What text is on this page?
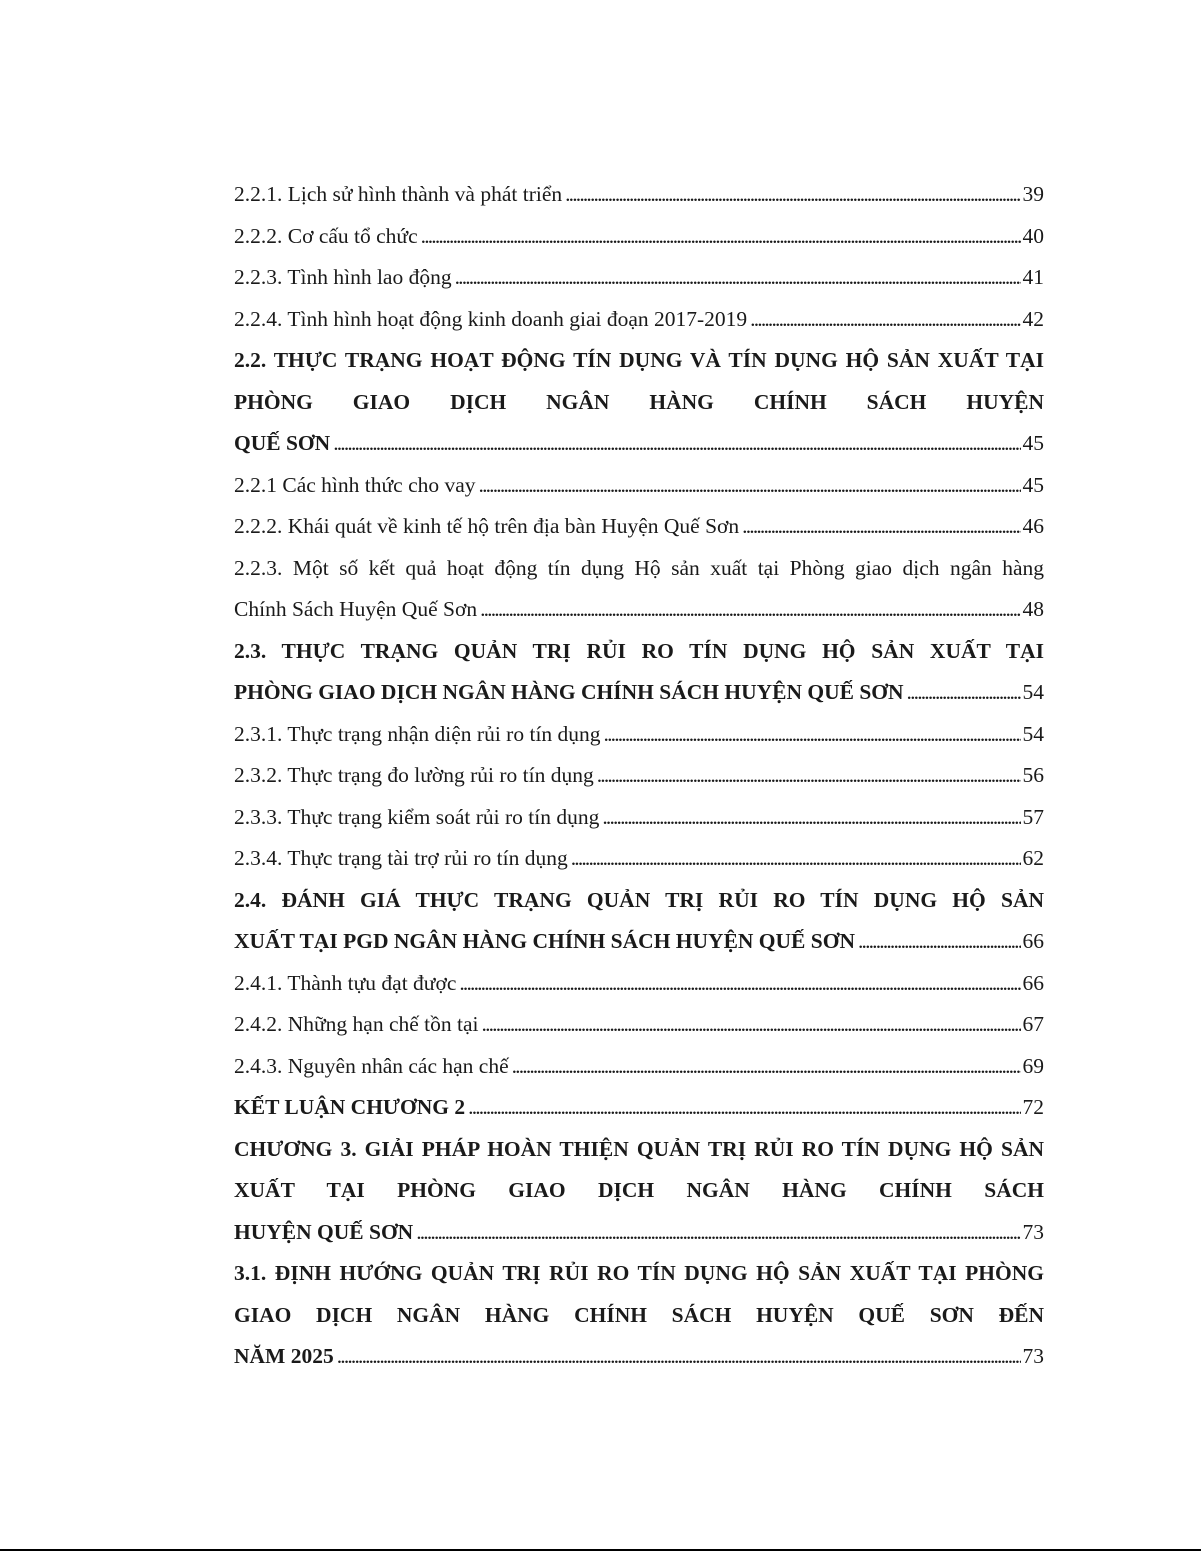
2.2.1. Lịch sử hình thành và phát triển . . .	39
2.2.2. Cơ cấu tổ chức . . .	40
2.2.3. Tình hình lao động . . .	41
2.2.4. Tình hình hoạt động kinh doanh giai đoạn 2017-2019 . . .	42
2.2. THỰC TRẠNG HOẠT ĐỘNG TÍN DỤNG VÀ TÍN DỤNG HỘ SẢN XUẤT TẠI PHÒNG GIAO DỊCH NGÂN HÀNG CHÍNH SÁCH HUYỆN
QUẾ SƠN . . .	45
2.2.1 Các hình thức cho vay . . .	45
2.2.2. Khái quát về kinh tế hộ trên địa bàn Huyện Quế Sơn . . .	46
2.2.3. Một số kết quả hoạt động tín dụng Hộ sản xuất tại Phòng giao dịch ngân hàng
Chính Sách Huyện Quế Sơn . . .	48
2.3. THỰC TRẠNG QUẢN TRỊ RỦI RO TÍN DỤNG HỘ SẢN XUẤT TẠI
PHÒNG GIAO DỊCH NGÂN HÀNG CHÍNH SÁCH HUYỆN QUẾ SƠN . . .	54
2.3.1. Thực trạng nhận diện rủi ro tín dụng . . .	54
2.3.2. Thực trạng đo lường rủi ro tín dụng . . .	56
2.3.3. Thực trạng kiểm soát rủi ro tín dụng . . .	57
2.3.4. Thực trạng tài trợ rủi ro tín dụng . . .	62
2.4. ĐÁNH GIÁ THỰC TRẠNG QUẢN TRỊ RỦI RO TÍN DỤNG HỘ SẢN
XUẤT TẠI PGD NGÂN HÀNG CHÍNH SÁCH HUYỆN QUẾ SƠN . . .	66
2.4.1. Thành tựu đạt được . . .	66
2.4.2. Những hạn chế tồn tại . . .	67
2.4.3. Nguyên nhân các hạn chế . . .	69
KẾT LUẬN CHƯƠNG 2 . . .	72
CHƯƠNG 3. GIẢI PHÁP HOÀN THIỆN QUẢN TRỊ RỦI RO TÍN DỤNG HỘ SẢN XUẤT TẠI PHÒNG GIAO DỊCH NGÂN HÀNG CHÍNH SÁCH
HUYỆN QUẾ SƠN . . .	73
3.1. ĐỊNH HƯỚNG QUẢN TRỊ RỦI RO TÍN DỤNG HỘ SẢN XUẤT TẠI PHÒNG GIAO DỊCH NGÂN HÀNG CHÍNH SÁCH HUYỆN QUẾ SƠN ĐẾN
NĂM 2025 . . .	73
